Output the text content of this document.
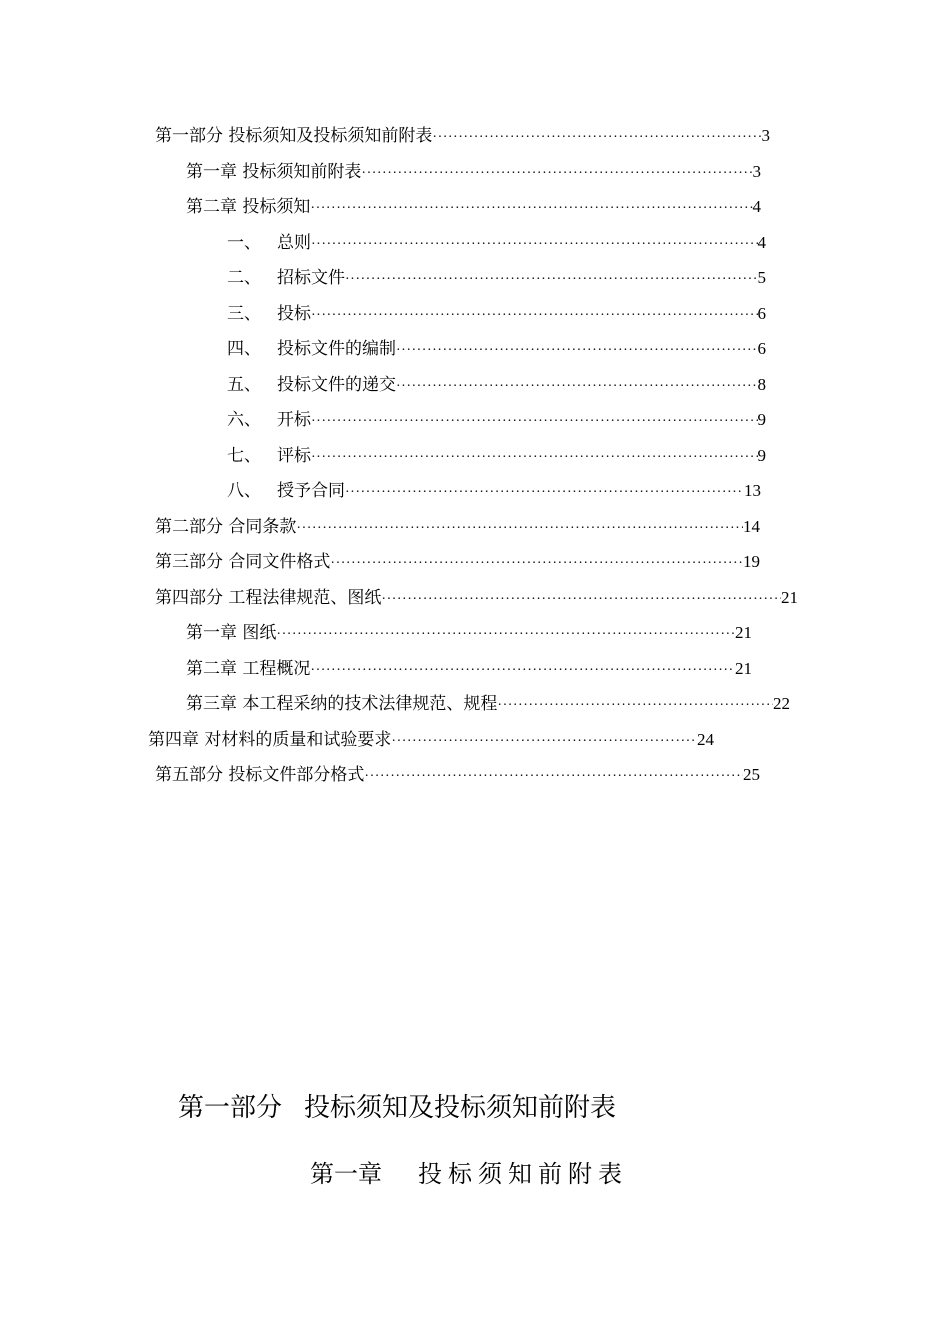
第一部分 投标须知及投标须知前附表 ·····	3
第一章 投标须知前附表 ·····	3
第二章 投标须知 ·····	4
一、 总则 ·····	4
二、 招标文件 ·····	5
三、 投标 ·····	6
四、 投标文件的编制 ·····	6
五、 投标文件的递交 ·····	8
六、 开标 ·····	9
七、 评标 ·····	9
八、 授予合同 ·····	13
第二部分 合同条款 ·····	14
第三部分 合同文件格式 ·····	19
第四部分 工程法律规范、图纸 ·····	21
第一章 图纸 ·····	21
第二章 工程概况 ·····	21
第三章 本工程采纳的技术法律规范、规程 ·····	22
第四章 对材料的质量和试验要求 ·····	24
第五部分 投标文件部分格式 ·····	25
第一部分 投标须知及投标须知前附表
第一章 投标须知前附表
